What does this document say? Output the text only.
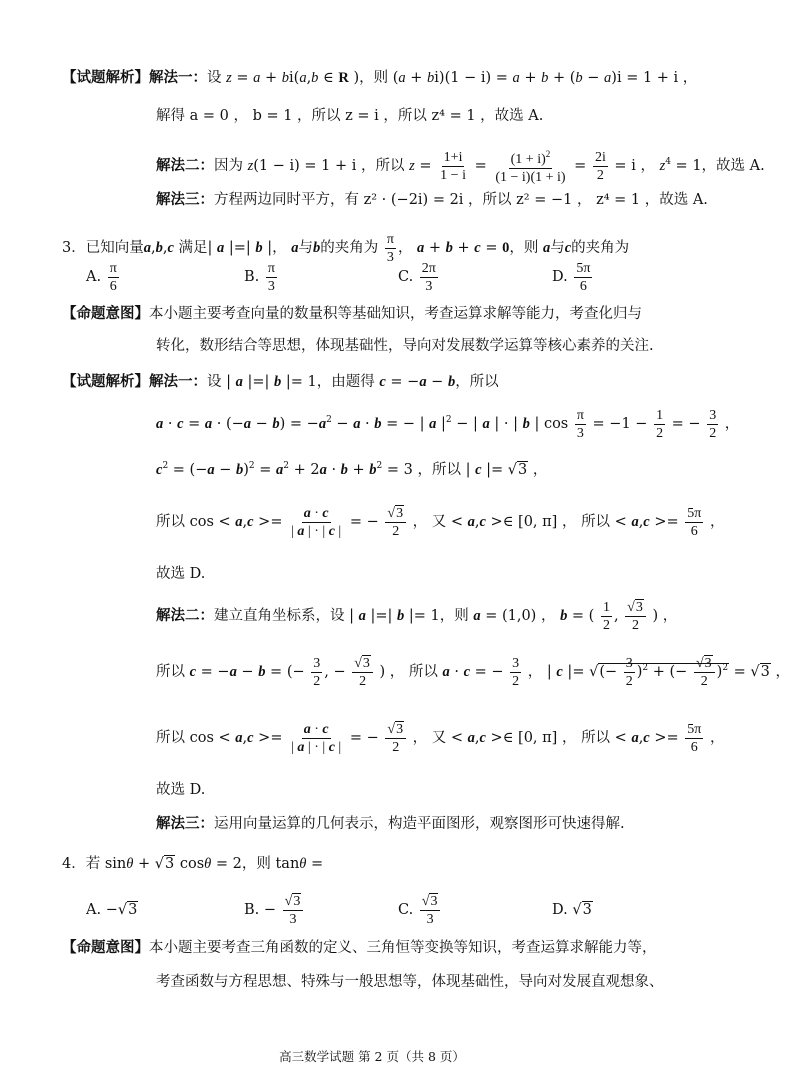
【试题解析】解法一：设 z = a + bi(a,b ∈ R )，则 (a + bi)(1 − i) = a + b + (b − a)i = 1 + i ，
解得 a = 0 ， b = 1 ，所以 z = i ，所以 z⁴ = 1 ，故选 A.
解法二：因为 z(1 − i) = 1 + i ，所以 $z = \frac{1+i}{1 - i} = \frac{(1 + i)^2}{(1 - i)(1 + i)} = \frac{2i}{2} = i$ ， $z^4 = 1$，故选 A.
解法三：方程两边同时平方，有 z² · (−2i) = 2i ，所以 z² = −1 ， z⁴ = 1 ，故选 A.
3．已知向量a,b,c 满足| a |=| b |， a与b的夹角为 $\frac{\pi}{3}$ ， a + b + c = 0，则 a与c的夹角为
A. $\frac{\pi}{6}$	B. $\frac{\pi}{3}$	C. $\frac{2\pi}{3}$	D. $\frac{5\pi}{6}$
【命题意图】本小题主要考查向量的数量积等基础知识，考查运算求解等能力，考查化归与
转化，数形结合等思想，体现基础性，导向对发展数学运算等核心素养的关注.
【试题解析】解法一：设 | a |=| b |= 1，由题得 c = −a − b，所以
$a \cdot c = a \cdot (-a - b) = -a^2 - a \cdot b$ = − | a $|^2$ − | a | · | b | $\cos \frac{\pi}{3} = -1 - \frac{1}{2}$ = − $\frac{3}{2}$ ，
$c^2 = (-a - b)^2 = a^2 + 2a \cdot b + b^2 = 3$ ，所以 | c |= √3 ，
所以 $\cos < a,c >= \frac{a \cdot c}{| a | \cdot | c |}$ = − $\frac{√3}{2}$ ， 又 < a,c >∈ [0, π] ， 所以 < $a,c >= \frac{5\pi}{6}$ ，
故选 D.
解法二：建立直角坐标系，设 | a |=| b |= 1，则 a = (1,0) ， b = ( $\frac{1}{2}$ , $\frac{√3}{2}$ ) ，
所以 c = −a − b = (− $\frac{3}{2}$ , − $\frac{√3}{2}$ ) ， 所以 a · c = − $\frac{3}{2}$ ， | c |= √(− $\frac{3}{2} )^2$ + (− $\frac{√3}{2} )^2 = √3$ ，
所以 $\cos < a,c >= \frac{a \cdot c}{| a | \cdot | c |}$ = − $\frac{√3}{2}$ ， 又 < a,c >∈ [0, π] ， 所以 < $a,c >= \frac{5\pi}{6}$ ，
故选 D.
解法三：运用向量运算的几何表示，构造平面图形，观察图形可快速得解.
4．若 sinθ + √3 cosθ = 2，则 tanθ =
A. −√3	B. − $\frac{√3}{3}$	C. $\frac{√3}{3}$	D. √3
【命题意图】本小题主要考查三角函数的定义、三角恒等变换等知识，考查运算求解能力等，
考查函数与方程思想、特殊与一般思想等，体现基础性，导向对发展直观想象、
高三数学试题 第 2 页（共 8 页）
